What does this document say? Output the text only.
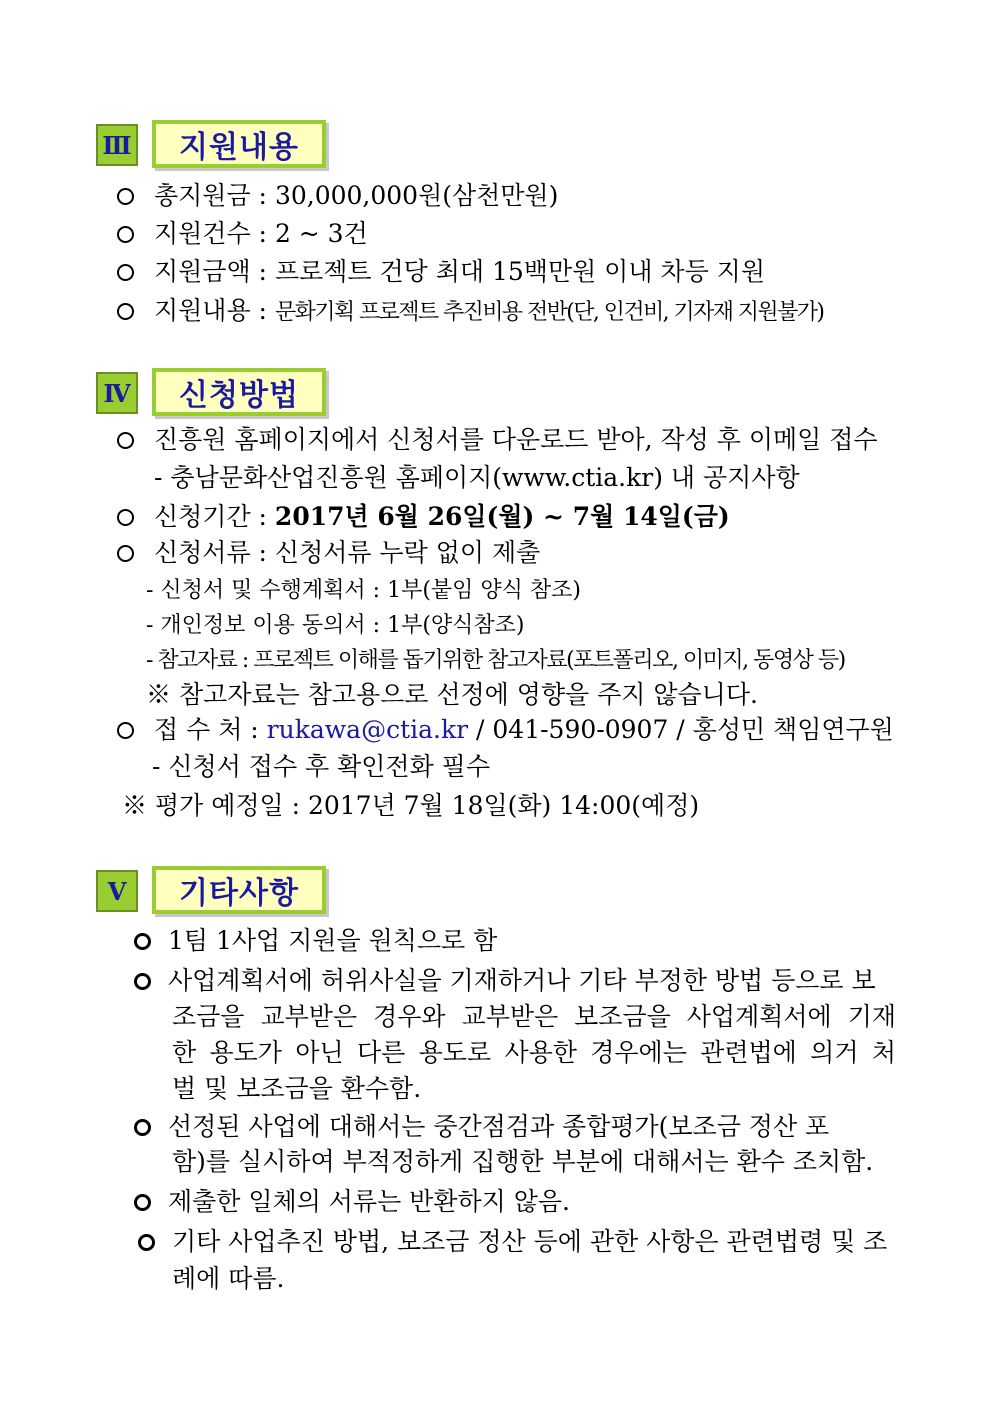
Ⅲ	지원내용
총지원금 : 30,000,000원(삼천만원)
지원건수 : 2 ~ 3건
지원금액 : 프로젝트 건당 최대 15백만원 이내 차등 지원
지원내용 : 문화기획 프로젝트 추진비용 전반(단, 인건비, 기자재 지원불가)
Ⅳ	신청방법
진흥원 홈페이지에서 신청서를 다운로드 받아, 작성 후 이메일 접수
- 충남문화산업진흥원 홈페이지(www.ctia.kr) 내 공지사항
신청기간 : 2017년 6월 26일(월) ~ 7월 14일(금)
신청서류 : 신청서류 누락 없이 제출
- 신청서 및 수행계획서 : 1부(붙임 양식 참조)
- 개인정보 이용 동의서 : 1부(양식참조)
- 참고자료 : 프로젝트 이해를 돕기위한 참고자료(포트폴리오, 이미지, 동영상 등)
※ 참고자료는 참고용으로 선정에 영향을 주지 않습니다.
접 수 처 : rukawa@ctia.kr / 041-590-0907 / 홍성민 책임연구원
- 신청서 접수 후 확인전화 필수
※ 평가 예정일 : 2017년 7월 18일(화) 14:00(예정)
Ⅴ	기타사항
1팀 1사업 지원을 원칙으로 함
사업계획서에 허위사실을 기재하거나 기타 부정한 방법 등으로 보
조금을 교부받은 경우와 교부받은 보조금을 사업계획서에 기재
한 용도가 아닌 다른 용도로 사용한 경우에는 관련법에 의거 처
벌 및 보조금을 환수함.
선정된 사업에 대해서는 중간점검과 종합평가(보조금 정산 포
함)를 실시하여 부적정하게 집행한 부분에 대해서는 환수 조치함.
제출한 일체의 서류는 반환하지 않음.
기타 사업추진 방법, 보조금 정산 등에 관한 사항은 관련법령 및 조
례에 따름.
